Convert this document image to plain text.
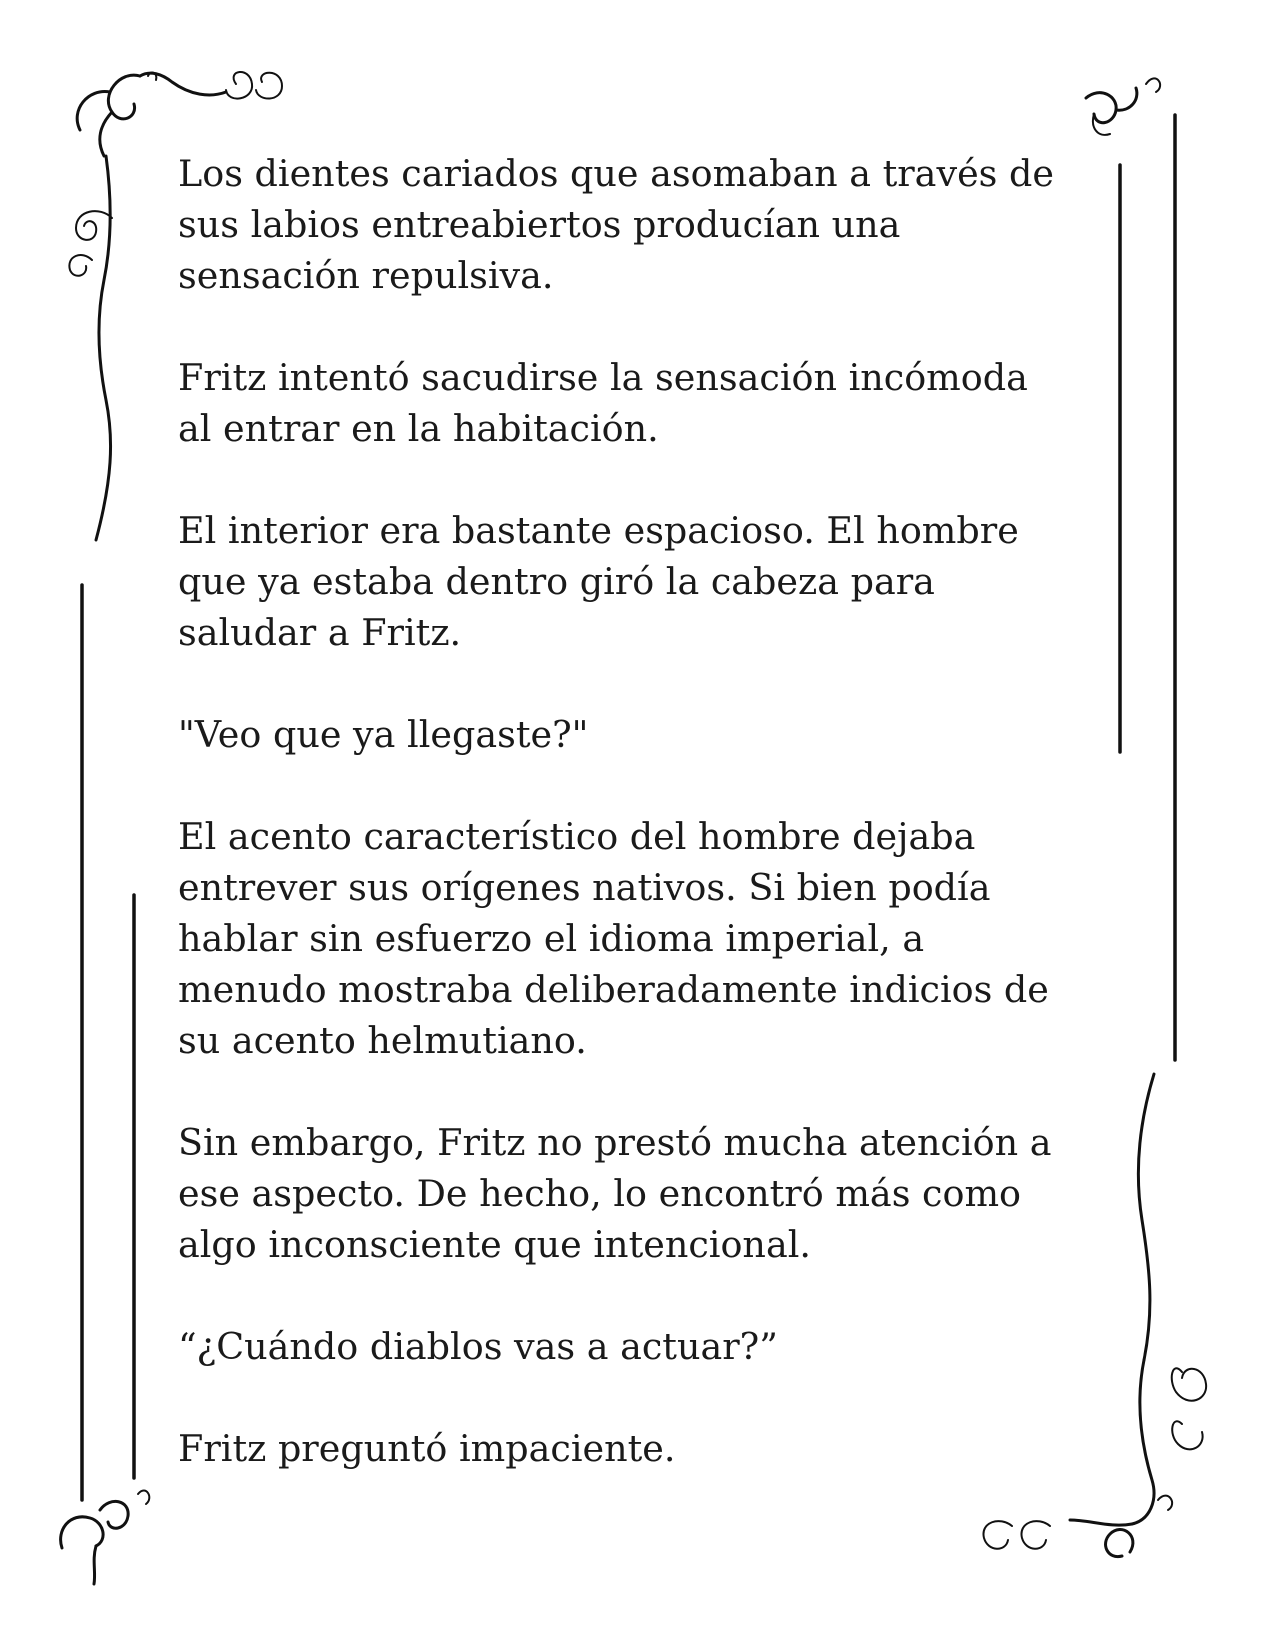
Los dientes cariados que asomaban a través de
sus labios entreabiertos producían una
sensación repulsiva.

Fritz intentó sacudirse la sensación incómoda
al entrar en la habitación.

El interior era bastante espacioso. El hombre
que ya estaba dentro giró la cabeza para
saludar a Fritz.

"Veo que ya llegaste?"

El acento característico del hombre dejaba
entrever sus orígenes nativos. Si bien podía
hablar sin esfuerzo el idioma imperial, a
menudo mostraba deliberadamente indicios de
su acento helmutiano.

Sin embargo, Fritz no prestó mucha atención a
ese aspecto. De hecho, lo encontró más como
algo inconsciente que intencional.

“¿Cuándo diablos vas a actuar?”

Fritz preguntó impaciente.
